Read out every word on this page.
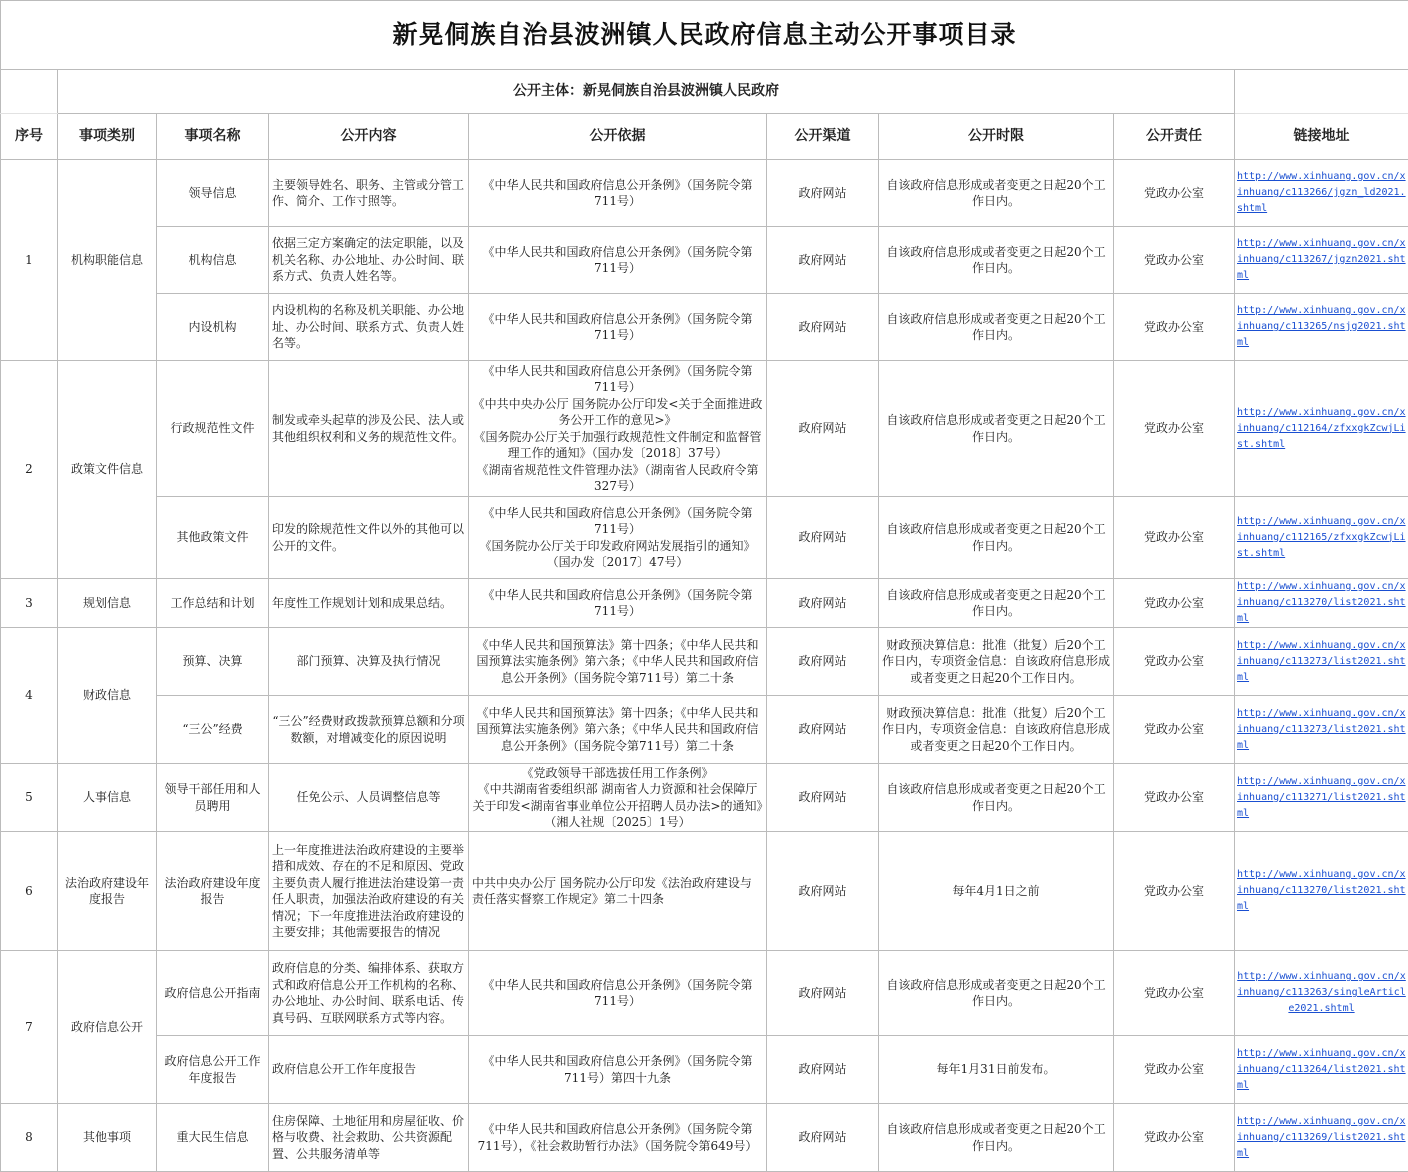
新晃侗族自治县波洲镇人民政府信息主动公开事项目录								
	公开主体：新晃侗族自治县波洲镇人民政府							
序号	事项类别	事项名称	公开内容	公开依据	公开渠道	公开时限	公开责任	链接地址
1	机构职能信息	领导信息	主要领导姓名、职务、主管或分管工作、简介、工作寸照等。	《中华人民共和国政府信息公开条例》（国务院令第711号）	政府网站	自该政府信息形成或者变更之日起20个工作日内。	党政办公室	http://www.xinhuang.gov.cn/xinhuang/c113266/jgzn_ld2021.shtml
		机构信息	依据三定方案确定的法定职能，以及机关名称、办公地址、办公时间、联系方式、负责人姓名等。	《中华人民共和国政府信息公开条例》（国务院令第711号）	政府网站	自该政府信息形成或者变更之日起20个工作日内。	党政办公室	http://www.xinhuang.gov.cn/xinhuang/c113267/jgzn2021.shtml
		内设机构	内设机构的名称及机关职能、办公地址、办公时间、联系方式、负责人姓名等。	《中华人民共和国政府信息公开条例》（国务院令第711号）	政府网站	自该政府信息形成或者变更之日起20个工作日内。	党政办公室	http://www.xinhuang.gov.cn/xinhuang/c113265/nsjg2021.shtml
2	政策文件信息	行政规范性文件	制发或牵头起草的涉及公民、法人或其他组织权利和义务的规范性文件。	《中华人民共和国政府信息公开条例》（国务院令第711号）
《中共中央办公厅 国务院办公厅印发<关于全面推进政务公开工作的意见>》
《国务院办公厅关于加强行政规范性文件制定和监督管理工作的通知》（国办发〔2018〕37号）
《湖南省规范性文件管理办法》（湖南省人民政府令第327号）	政府网站	自该政府信息形成或者变更之日起20个工作日内。	党政办公室	http://www.xinhuang.gov.cn/xinhuang/c112164/zfxxgkZcwjList.shtml
		其他政策文件	印发的除规范性文件以外的其他可以公开的文件。	《中华人民共和国政府信息公开条例》（国务院令第711号）
《国务院办公厅关于印发政府网站发展指引的通知》（国办发〔2017〕47号）	政府网站	自该政府信息形成或者变更之日起20个工作日内。	党政办公室	http://www.xinhuang.gov.cn/xinhuang/c112165/zfxxgkZcwjList.shtml
3	规划信息	工作总结和计划	年度性工作规划计划和成果总结。	《中华人民共和国政府信息公开条例》（国务院令第711号）	政府网站	自该政府信息形成或者变更之日起20个工作日内。	党政办公室	http://www.xinhuang.gov.cn/xinhuang/c113270/list2021.shtml
4	财政信息	预算、决算	部门预算、决算及执行情况	《中华人民共和国预算法》第十四条；《中华人民共和国预算法实施条例》第六条；《中华人民共和国政府信息公开条例》（国务院令第711号）第二十条	政府网站	财政预决算信息：批准（批复）后20个工作日内，专项资金信息：自该政府信息形成或者变更之日起20个工作日内。	党政办公室	http://www.xinhuang.gov.cn/xinhuang/c113273/list2021.shtml
		“三公”经费	“三公”经费财政拨款预算总额和分项数额，对增减变化的原因说明	《中华人民共和国预算法》第十四条；《中华人民共和国预算法实施条例》第六条；《中华人民共和国政府信息公开条例》（国务院令第711号）第二十条	政府网站	财政预决算信息：批准（批复）后20个工作日内，专项资金信息：自该政府信息形成或者变更之日起20个工作日内。	党政办公室	http://www.xinhuang.gov.cn/xinhuang/c113273/list2021.shtml
5	人事信息	领导干部任用和人员聘用	任免公示、人员调整信息等	《党政领导干部选拔任用工作条例》
《中共湖南省委组织部 湖南省人力资源和社会保障厅关于印发<湖南省事业单位公开招聘人员办法>的通知》（湘人社规〔2025〕1号）	政府网站	自该政府信息形成或者变更之日起20个工作日内。	党政办公室	http://www.xinhuang.gov.cn/xinhuang/c113271/list2021.shtml
6	法治政府建设年度报告	法治政府建设年度报告	上一年度推进法治政府建设的主要举措和成效、存在的不足和原因、党政主要负责人履行推进法治建设第一责任人职责，加强法治政府建设的有关情况；下一年度推进法治政府建设的主要安排；其他需要报告的情况	中共中央办公厅 国务院办公厅印发《法治政府建设与责任落实督察工作规定》第二十四条	政府网站	每年4月1日之前	党政办公室	http://www.xinhuang.gov.cn/xinhuang/c113270/list2021.shtml
7	政府信息公开	政府信息公开指南	政府信息的分类、编排体系、获取方式和政府信息公开工作机构的名称、办公地址、办公时间、联系电话、传真号码、互联网联系方式等内容。	《中华人民共和国政府信息公开条例》（国务院令第711号）	政府网站	自该政府信息形成或者变更之日起20个工作日内。	党政办公室	http://www.xinhuang.gov.cn/xinhuang/c113263/singleArticle2021.shtml
		政府信息公开工作年度报告	政府信息公开工作年度报告	《中华人民共和国政府信息公开条例》（国务院令第711号）第四十九条	政府网站	每年1月31日前发布。	党政办公室	http://www.xinhuang.gov.cn/xinhuang/c113264/list2021.shtml
8	其他事项	重大民生信息	住房保障、土地征用和房屋征收、价格与收费、社会救助、公共资源配置、公共服务清单等	《中华人民共和国政府信息公开条例》（国务院令第711号），《社会救助暂行办法》（国务院令第649号）	政府网站	自该政府信息形成或者变更之日起20个工作日内。	党政办公室	http://www.xinhuang.gov.cn/xinhuang/c113269/list2021.shtml
